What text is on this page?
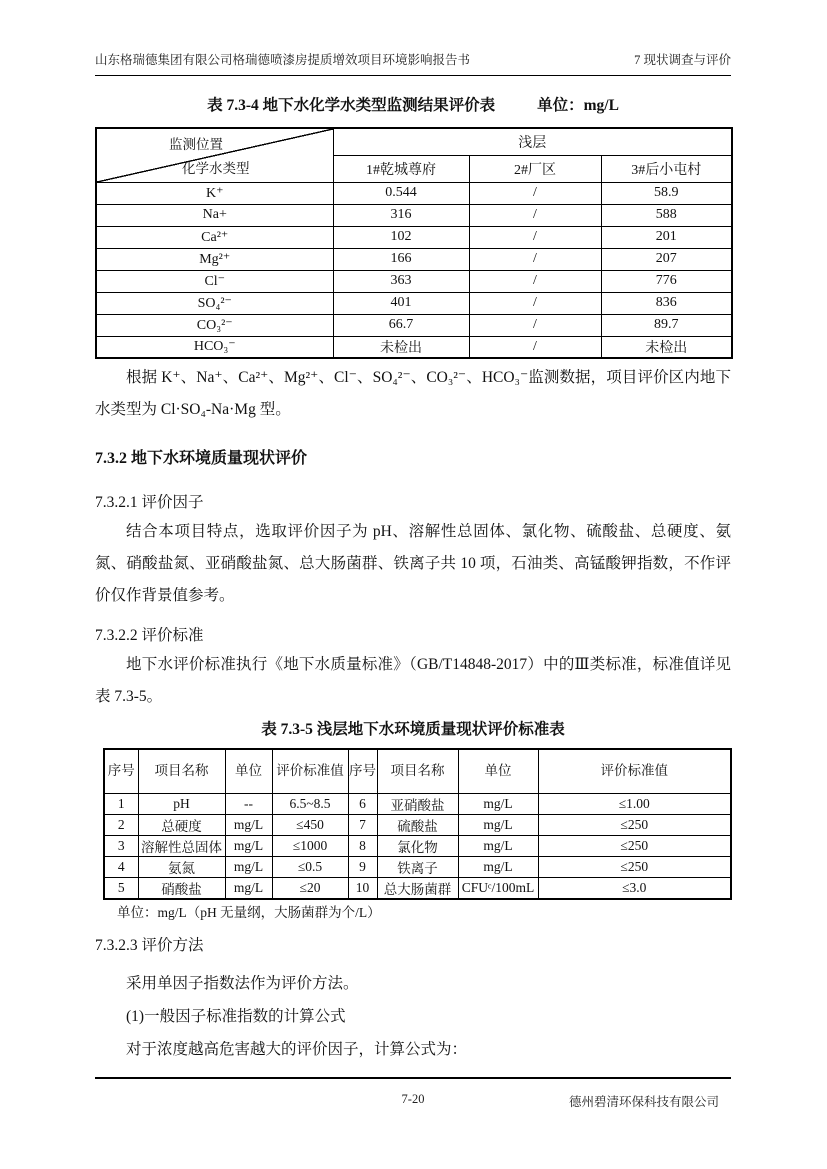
山东格瑞德集团有限公司格瑞德喷漆房提质增效项目环境影响报告书	7 现状调查与评价
表 7.3-4 地下水化学水类型监测结果评价表	单位：mg/L
监测位置
化学水类型	浅层		
	1#乾城尊府	2#厂区	3#后小屯村
K⁺	0.544	/	58.9
Na+	316	/	588
Ca²⁺	102	/	201
Mg²⁺	166	/	207
Cl⁻	363	/	776
SO₄²⁻	401	/	836
CO₃²⁻	66.7	/	89.7
HCO₃⁻	未检出	/	未检出

根据 K⁺、Na⁺、Ca²⁺、Mg²⁺、Cl⁻、SO₄²⁻、CO₃²⁻、HCO₃⁻监测数据，项目评价区内地下水类型为 Cl·SO₄-Na·Mg 型。

7.3.2 地下水环境质量现状评价
7.3.2.1 评价因子

结合本项目特点，选取评价因子为 pH、溶解性总固体、氯化物、硫酸盐、总硬度、氨氮、硝酸盐氮、亚硝酸盐氮、总大肠菌群、铁离子共 10 项，石油类、高锰酸钾指数，不作评价仅作背景值参考。

7.3.2.2 评价标准

地下水评价标准执行《地下水质量标准》（GB/T14848-2017）中的Ⅲ类标准，标准值详见表 7.3-5。

表 7.3-5 浅层地下水环境质量现状评价标准表
序号	项目名称	单位	评价标准值	序号	项目名称	单位	评价标准值
1	pH	--	6.5~8.5	6	亚硝酸盐	mg/L	≤1.00
2	总硬度	mg/L	≤450	7	硫酸盐	mg/L	≤250
3	溶解性总固体	mg/L	≤1000	8	氯化物	mg/L	≤250
4	氨氮	mg/L	≤0.5	9	铁离子	mg/L	≤250
5	硝酸盐	mg/L	≤20	10	总大肠菌群	CFUᶜ/100mL	≤3.0
单位：mg/L（pH 无量纲，大肠菌群为个/L）
7.3.2.3 评价方法

采用单因子指数法作为评价方法。

(1)一般因子标准指数的计算公式

对于浓度越高危害越大的评价因子，计算公式为：

7-20	德州碧清环保科技有限公司
